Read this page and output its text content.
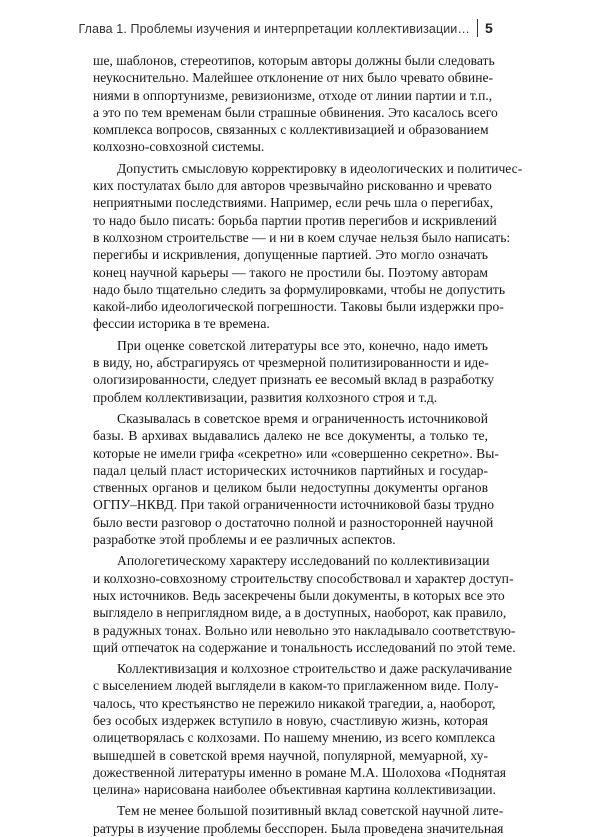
Глава 1. Проблемы изучения и интерпретации коллективизации… 5
ше, шаблонов, стереотипов, которым авторы должны были следовать
неукоснительно. Малейшее отклонение от них было чревато обвине-
ниями в оппортунизме, ревизионизме, отходе от линии партии и т.п.,
а это по тем временам были страшные обвинения. Это касалось всего
комплекса вопросов, связанных с коллективизацией и образованием
колхозно-совхозной системы.
Допустить смысловую корректировку в идеологических и политичес-
ких постулатах было для авторов чрезвычайно рискованно и чревато
неприятными последствиями. Например, если речь шла о перегибах,
то надо было писать: борьба партии против перегибов и искривлений
в колхозном строительстве — и ни в коем случае нельзя было написать:
перегибы и искривления, допущенные партией. Это могло означать
конец научной карьеры — такого не простили бы. Поэтому авторам
надо было тщательно следить за формулировками, чтобы не допустить
какой-либо идеологической погрешности. Таковы были издержки про-
фессии историка в те времена.
При оценке советской литературы все это, конечно, надо иметь
в виду, но, абстрагируясь от чрезмерной политизированности и иде-
ологизированности, следует признать ее весомый вклад в разработку
проблем коллективизации, развития колхозного строя и т.д.
Сказывалась в советское время и ограниченность источниковой
базы. В архивах выдавались далеко не все документы, а только те,
которые не имели грифа «секретно» или «совершенно секретно». Вы-
падал целый пласт исторических источников партийных и государ-
ственных органов и целиком были недоступны документы органов
ОГПУ–НКВД. При такой ограниченности источниковой базы трудно
было вести разговор о достаточно полной и разносторонней научной
разработке этой проблемы и ее различных аспектов.
Апологетическому характеру исследований по коллективизации
и колхозно-совхозному строительству способствовал и характер доступ-
ных источников. Ведь засекречены были документы, в которых все это
выглядело в неприглядном виде, а в доступных, наоборот, как правило,
в радужных тонах. Вольно или невольно это накладывало соответствую-
щий отпечаток на содержание и тональность исследований по этой теме.
Коллективизация и колхозное строительство и даже раскулачивание
с выселением людей выглядели в каком-то приглаженном виде. Полу-
чалось, что крестьянство не пережило никакой трагедии, а, наоборот,
без особых издержек вступило в новую, счастливую жизнь, которая
олицетворялась с колхозами. По нашему мнению, из всего комплекса
вышедшей в советской время научной, популярной, мемуарной, ху-
дожественной литературы именно в романе М.А. Шолохова «Поднятая
целина» нарисована наиболее объективная картина коллективизации.
Тем не менее большой позитивный вклад советской научной лите-
ратуры в изучение проблемы бесспорен. Была проведена значительная
